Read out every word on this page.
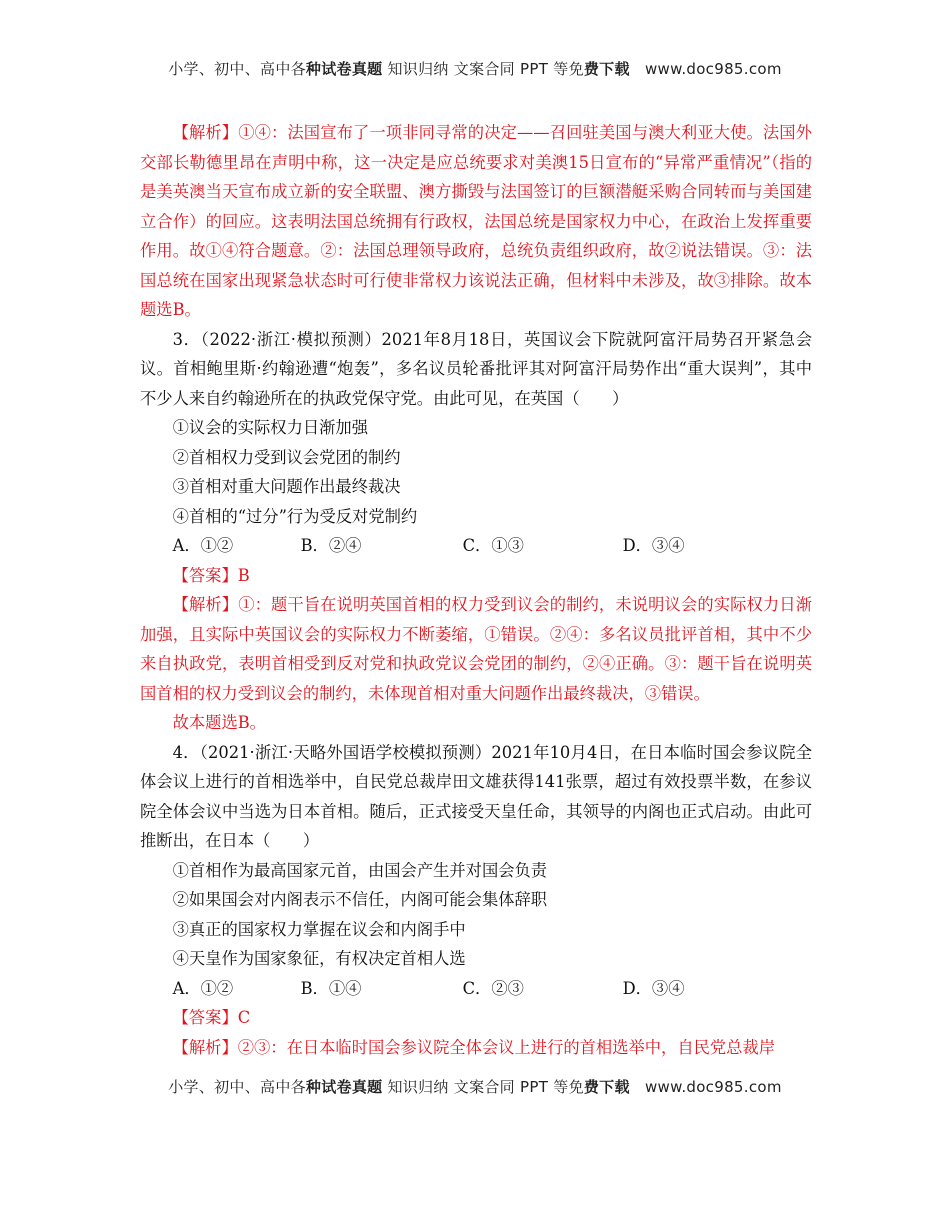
小学、初中、高中各种试卷真题 知识归纳 文案合同 PPT 等免费下载   www.doc985.com

【解析】①④：法国宣布了一项非同寻常的决定——召回驻美国与澳大利亚大使。法国外交部长勒德里昂在声明中称，这一决定是应总统要求对美澳15日宣布的“异常严重情况”（指的是美英澳当天宣布成立新的安全联盟、澳方撕毁与法国签订的巨额潜艇采购合同转而与美国建立合作）的回应。这表明法国总统拥有行政权，法国总统是国家权力中心，在政治上发挥重要作用。故①④符合题意。②：法国总理领导政府，总统负责组织政府，故②说法错误。③：法国总统在国家出现紧急状态时可行使非常权力该说法正确，但材料中未涉及，故③排除。故本题选B。

3．（2022·浙江·模拟预测）2021年8月18日，英国议会下院就阿富汗局势召开紧急会议。首相鲍里斯·约翰逊遭“炮轰”，多名议员轮番批评其对阿富汗局势作出“重大误判”，其中不少人来自约翰逊所在的执政党保守党。由此可见，在英国（　　）

①议会的实际权力日渐加强

②首相权力受到议会党团的制约

③首相对重大问题作出最终裁决

④首相的“过分”行为受反对党制约

A．①②	B．②④	C．①③	D．③④

【答案】B

【解析】①：题干旨在说明英国首相的权力受到议会的制约，未说明议会的实际权力日渐加强，且实际中英国议会的实际权力不断萎缩，①错误。②④：多名议员批评首相，其中不少来自执政党，表明首相受到反对党和执政党议会党团的制约，②④正确。③：题干旨在说明英国首相的权力受到议会的制约，未体现首相对重大问题作出最终裁决，③错误。

故本题选B。

4．（2021·浙江·天略外国语学校模拟预测）2021年10月4日，在日本临时国会参议院全体会议上进行的首相选举中，自民党总裁岸田文雄获得141张票，超过有效投票半数，在参议院全体会议中当选为日本首相。随后，正式接受天皇任命，其领导的内阁也正式启动。由此可推断出，在日本（　　）

①首相作为最高国家元首，由国会产生并对国会负责

②如果国会对内阁表示不信任，内阁可能会集体辞职

③真正的国家权力掌握在议会和内阁手中

④天皇作为国家象征，有权决定首相人选

A．①②	B．①④	C．②③	D．③④

【答案】C

【解析】②③：在日本临时国会参议院全体会议上进行的首相选举中，自民党总裁岸

小学、初中、高中各种试卷真题 知识归纳 文案合同 PPT 等免费下载   www.doc985.com
